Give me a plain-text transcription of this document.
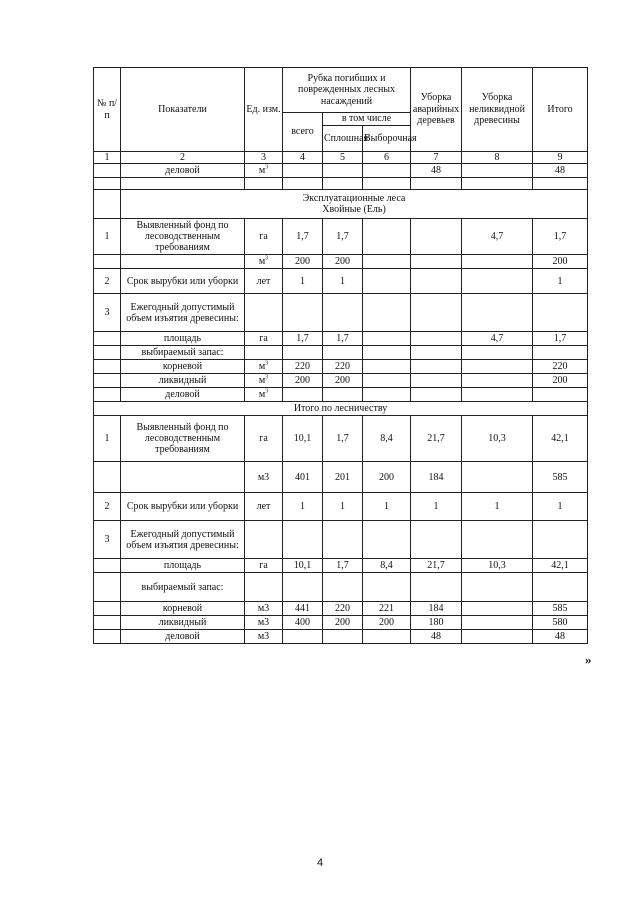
№ п/п	Показатели	Ед. изм.	Рубка погибших и поврежденных лесных насаждений			Уборка аварийных деревьев	Уборка неликвидной древесины	Итого
			всего	в том числе				
				Сплошная	Выборочная			
1	2	3	4	5	6	7	8	9
	деловой	$м^3$				48		48

	Эксплуатационные леса
Хвойные (Ель)							

1	Выявленный фонд по лесоводственным требованиям	га	1,7	1,7			4,7	1,7
		$м^3$	200	200				200
2	Срок вырубки или уборки	лет	1	1				1
3	Ежегодный допустимый объем изъятия древесины:							
	площадь	га	1,7	1,7			4,7	1,7
	выбираемый запас:							
	корневой	$м^3$	220	220				220
	ликвидный	$м^3$	200	200				200
	деловой	$м^3$						
Итого по лесничеству								
1	Выявленный фонд по лесоводственным требованиям	га	10,1	1,7	8,4	21,7	10,3	42,1
		м3	401	201	200	184		585
2	Срок вырубки или уборки	лет	1	1	1	1	1	1
3	Ежегодный допустимый объем изъятия древесины:							
	площадь	га	10,1	1,7	8,4	21,7	10,3	42,1
	выбираемый запас:							
	корневой	м3	441	220	221	184		585
	ликвидный	м3	400	200	200	180		580
	деловой	м3				48		48
»
4
